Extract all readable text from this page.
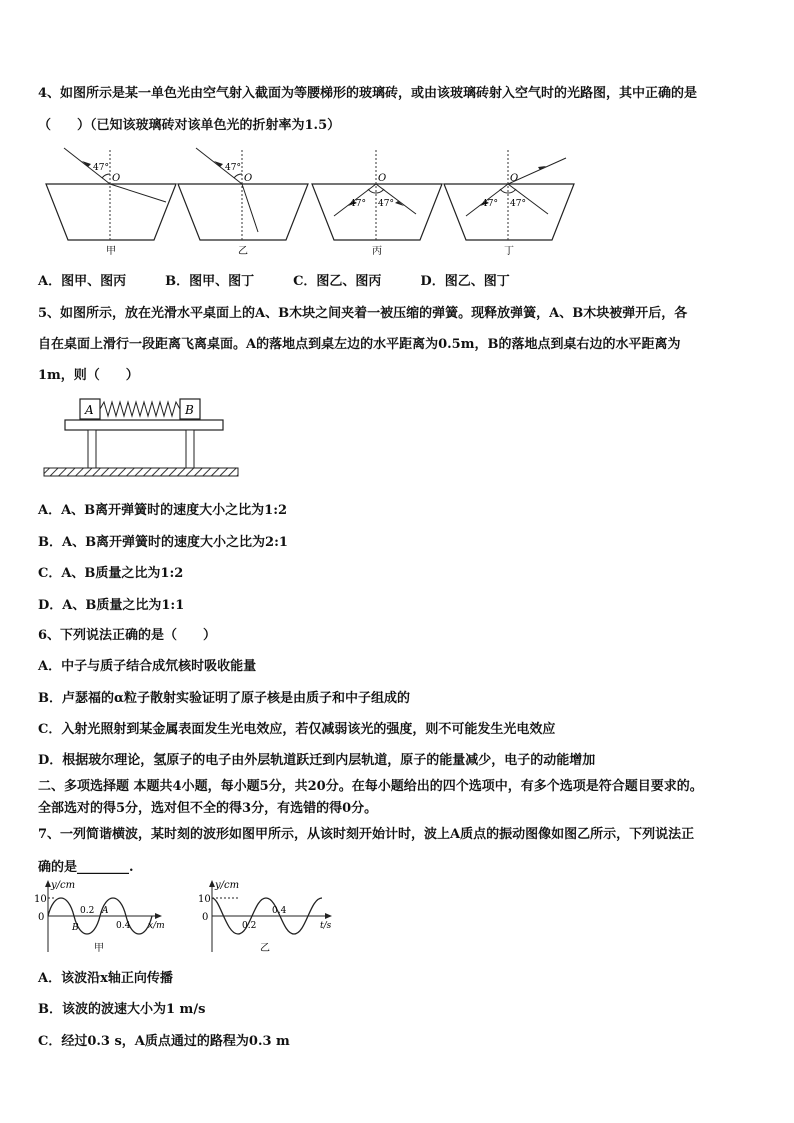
4、如图所示是某一单色光由空气射入截面为等腰梯形的玻璃砖，或由该玻璃砖射入空气时的光路图，其中正确的是
（　　）（已知该玻璃砖对该单色光的折射率为1.5）
47°
O
甲
47°
O
乙
47° 47°
O
丙
47° 47°
O
丁
A．图甲、图丙　　　B．图甲、图丁　　　C．图乙、图丙　　　D．图乙、图丁
5、如图所示，放在光滑水平桌面上的A、B木块之间夹着一被压缩的弹簧。现释放弹簧，A、B木块被弹开后，各
自在桌面上滑行一段距离飞离桌面。A的落地点到桌左边的水平距离为0.5m，B的落地点到桌右边的水平距离为
1m，则（　　）
A	B
A．A、B离开弹簧时的速度大小之比为1:2
B．A、B离开弹簧时的速度大小之比为2:1
C．A、B质量之比为1:2
D．A、B质量之比为1:1
6、下列说法正确的是（　　）
A．中子与质子结合成氘核时吸收能量
B．卢瑟福的α粒子散射实验证明了原子核是由质子和中子组成的
C．入射光照射到某金属表面发生光电效应，若仅减弱该光的强度，则不可能发生光电效应
D．根据玻尔理论，氢原子的电子由外层轨道跃迁到内层轨道，原子的能量减少，电子的动能增加
二、多项选择题 本题共4小题，每小题5分，共20分。在每小题给出的四个选项中，有多个选项是符合题目要求的。
全部选对的得5分，选对但不全的得3分，有选错的得0分。
7、一列简谐横波，某时刻的波形如图甲所示，从该时刻开始计时，波上A质点的振动图像如图乙所示，下列说法正
确的是________.
y/cm
10
0
0.2 A
0.4
B	x/m
甲
y/cm
10
0
0.2
0.4
t/s
乙
A．该波沿x轴正向传播
B．该波的波速大小为1 m/s
C．经过0.3 s，A质点通过的路程为0.3 m
